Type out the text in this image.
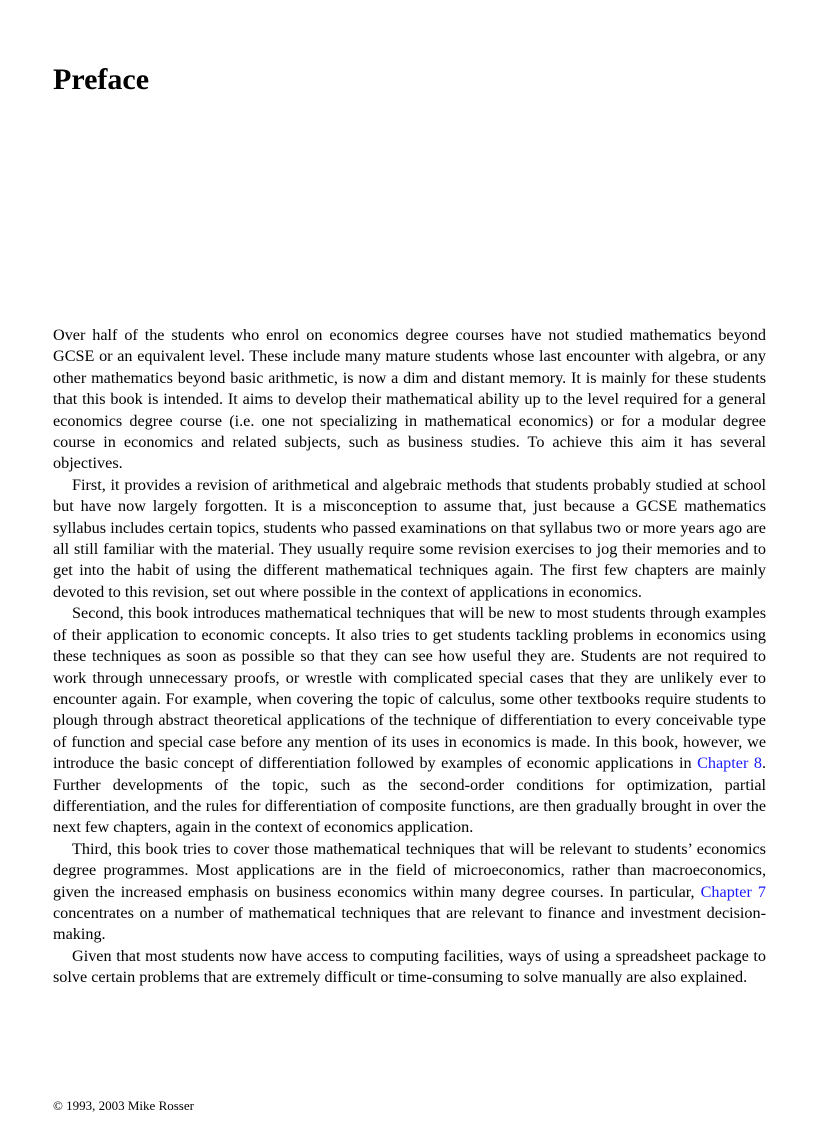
Preface

Over half of the students who enrol on economics degree courses have not studied mathematics beyond GCSE or an equivalent level. These include many mature students whose last encounter with algebra, or any other mathematics beyond basic arithmetic, is now a dim and distant memory. It is mainly for these students that this book is intended. It aims to develop their mathematical ability up to the level required for a general economics degree course (i.e. one not specializing in mathematical economics) or for a modular degree course in economics and related subjects, such as business studies. To achieve this aim it has several objectives.

First, it provides a revision of arithmetical and algebraic methods that students probably studied at school but have now largely forgotten. It is a misconception to assume that, just because a GCSE mathematics syllabus includes certain topics, students who passed examinations on that syllabus two or more years ago are all still familiar with the material. They usually require some revision exercises to jog their memories and to get into the habit of using the different mathematical techniques again. The first few chapters are mainly devoted to this revision, set out where possible in the context of applications in economics.

Second, this book introduces mathematical techniques that will be new to most students through examples of their application to economic concepts. It also tries to get students tackling problems in economics using these techniques as soon as possible so that they can see how useful they are. Students are not required to work through unnecessary proofs, or wrestle with complicated special cases that they are unlikely ever to encounter again. For example, when covering the topic of calculus, some other textbooks require students to plough through abstract theoretical applications of the technique of differentiation to every conceivable type of function and special case before any mention of its uses in economics is made. In this book, however, we introduce the basic concept of differentiation followed by examples of economic applications in Chapter 8. Further developments of the topic, such as the second-order conditions for optimization, partial differentiation, and the rules for differentiation of composite functions, are then gradually brought in over the next few chapters, again in the context of economics application.

Third, this book tries to cover those mathematical techniques that will be relevant to students’ economics degree programmes. Most applications are in the field of microeconomics, rather than macroeconomics, given the increased emphasis on business economics within many degree courses. In particular, Chapter 7 concentrates on a number of mathematical techniques that are relevant to finance and investment decision-making.

Given that most students now have access to computing facilities, ways of using a spreadsheet package to solve certain problems that are extremely difficult or time-consuming to solve manually are also explained.

© 1993, 2003 Mike Rosser
